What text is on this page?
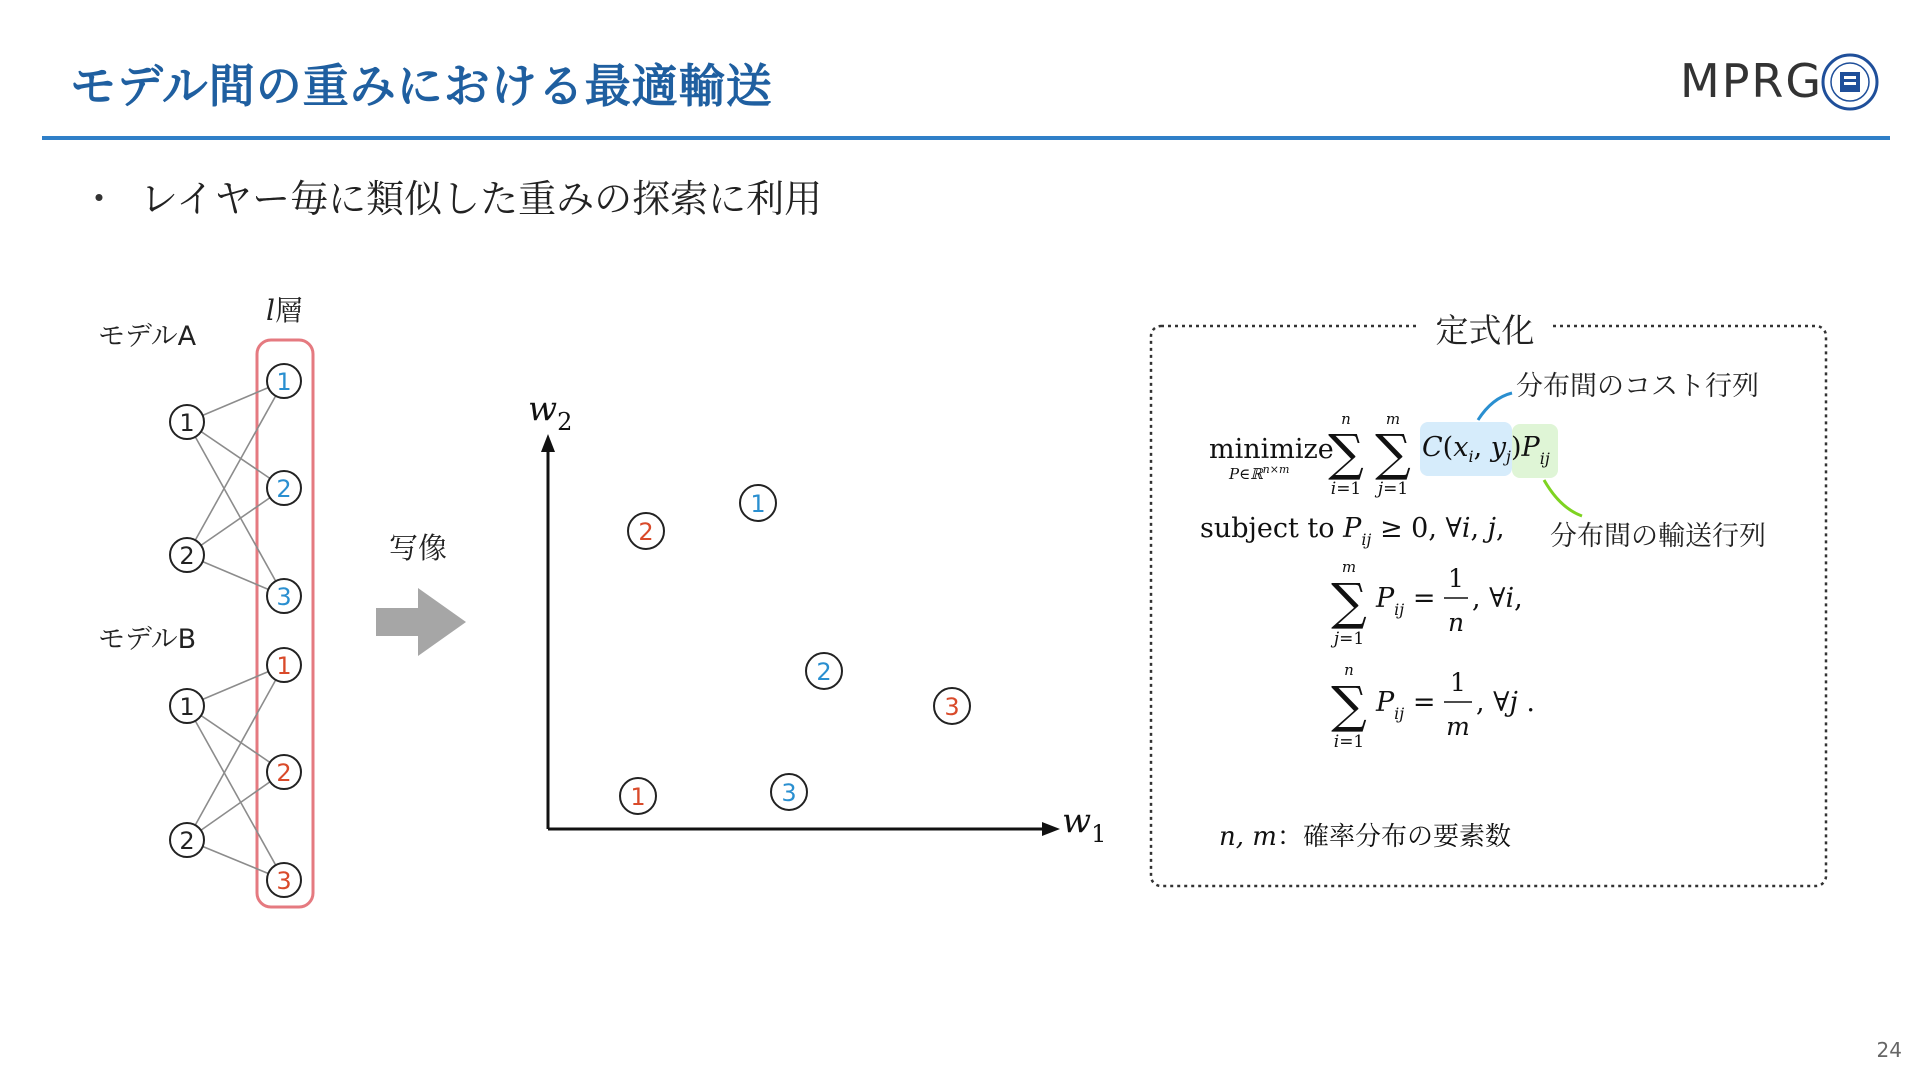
モデル間の重みにおける最適輸送	MPRG
・ レイヤー毎に類似した重みの探索に利用
モデルA
モデルB
l層
1
2
1
2
3
1
2
1
2
3
写像
$w_2$
$w_1$
1
2
2
3
1	3
定式化
分布間のコスト行列
分布間の輸送行列
minimize
P∈ℝ$^{n\times m}$
n
∑
i=1
m
∑
j=1
$C(x_i$, $y_j)P_{ij}$
subject to $P_{ij} \ge 0$, ∀i, j,
m
∑
j=1
$P_{ij}$ =
1
n
, ∀i,
n
∑
i=1
$P_{ij}$ =
1
m
, ∀j .
n, m：確率分布の要素数
24
